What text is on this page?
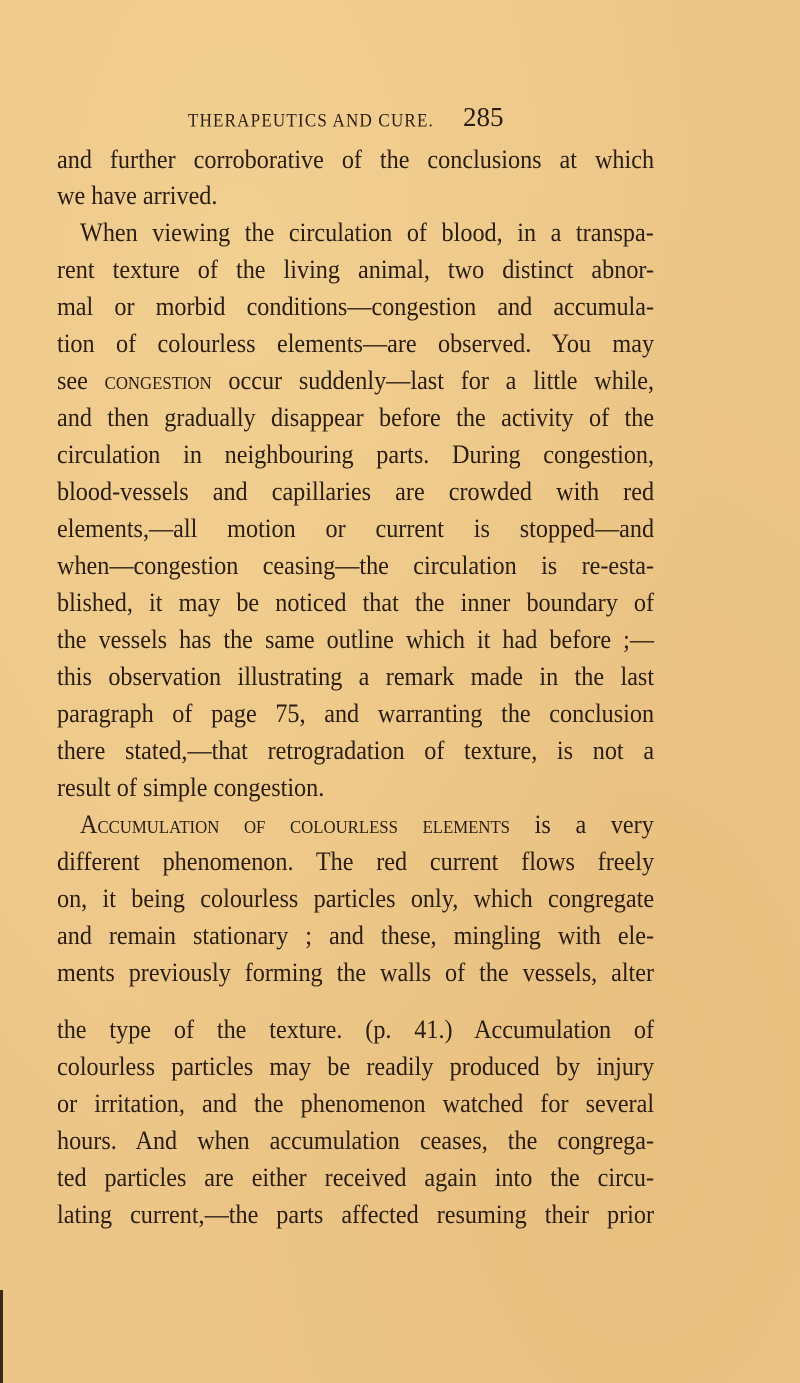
THERAPEUTICS AND CURE. 285
and further corroborative of the conclusions at which
we have arrived.
When viewing the circulation of blood, in a transpa-
rent texture of the living animal, two distinct abnor-
mal or morbid conditions—congestion and accumula-
tion of colourless elements—are observed. You may
see congestion occur suddenly—last for a little while,
and then gradually disappear before the activity of the
circulation in neighbouring parts. During congestion,
blood-vessels and capillaries are crowded with red
elements,—all motion or current is stopped—and
when—congestion ceasing—the circulation is re-esta-
blished, it may be noticed that the inner boundary of
the vessels has the same outline which it had before ;—
this observation illustrating a remark made in the last
paragraph of page 75, and warranting the conclusion
there stated,—that retrogradation of texture, is not a
result of simple congestion.
Accumulation of colourless elements is a very
different phenomenon. The red current flows freely
on, it being colourless particles only, which congregate
and remain stationary ; and these, mingling with ele-
ments previously forming the walls of the vessels, alter
the type of the texture. (p. 41.) Accumulation of
colourless particles may be readily produced by injury
or irritation, and the phenomenon watched for several
hours. And when accumulation ceases, the congrega-
ted particles are either received again into the circu-
lating current,—the parts affected resuming their prior
